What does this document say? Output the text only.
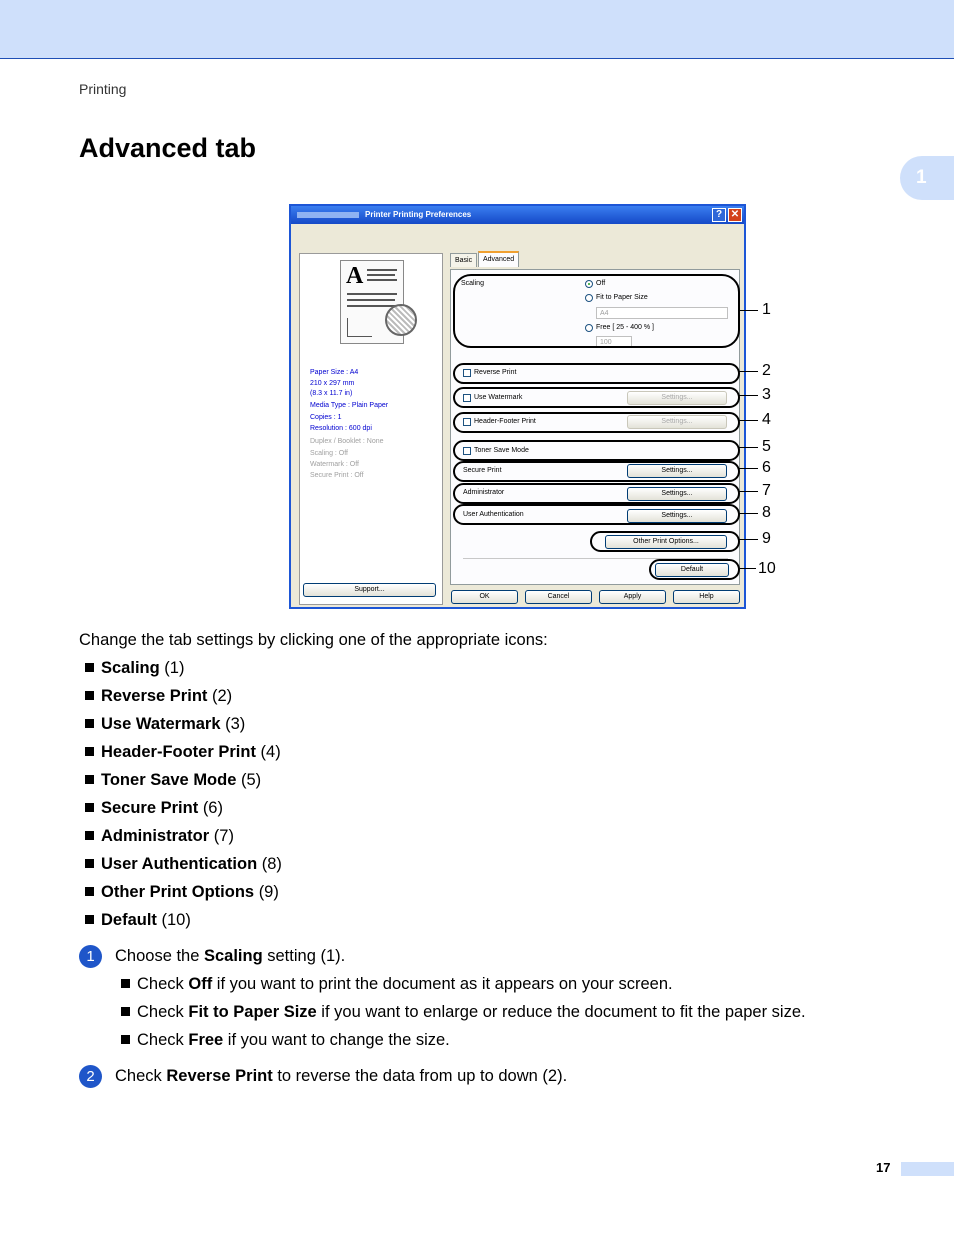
Printing
Advanced tab
1
Printer Printing Preferences	? ✕
A
Paper Size : A4
210 x 297 mm
(8.3 x 11.7 in)
Media Type : Plain Paper
Copies : 1
Resolution : 600 dpi
Duplex / Booklet : None
Scaling : Off
Watermark : Off
Secure Print : Off
Support...
Basic	Advanced
Scaling	Off
Fit to Paper Size
A4
Free [ 25 - 400 % ]
100
Reverse Print
Use Watermark	Settings...
Header-Footer Print	Settings...
Toner Save Mode
Secure Print	Settings...
Administrator	Settings...
User Authentication	Settings...
Other Print Options...
Default
OK	Cancel	Apply	Help
1
2
3
4
5
6
7
8
9
10
Change the tab settings by clicking one of the appropriate icons:
Scaling (1)
Reverse Print (2)
Use Watermark (3)
Header-Footer Print (4)
Toner Save Mode (5)
Secure Print (6)
Administrator (7)
User Authentication (8)
Other Print Options (9)
Default (10)
1	Choose the Scaling setting (1).
Check Off if you want to print the document as it appears on your screen.
Check Fit to Paper Size if you want to enlarge or reduce the document to fit the paper size.
Check Free if you want to change the size.
2	Check Reverse Print to reverse the data from up to down (2).
17
